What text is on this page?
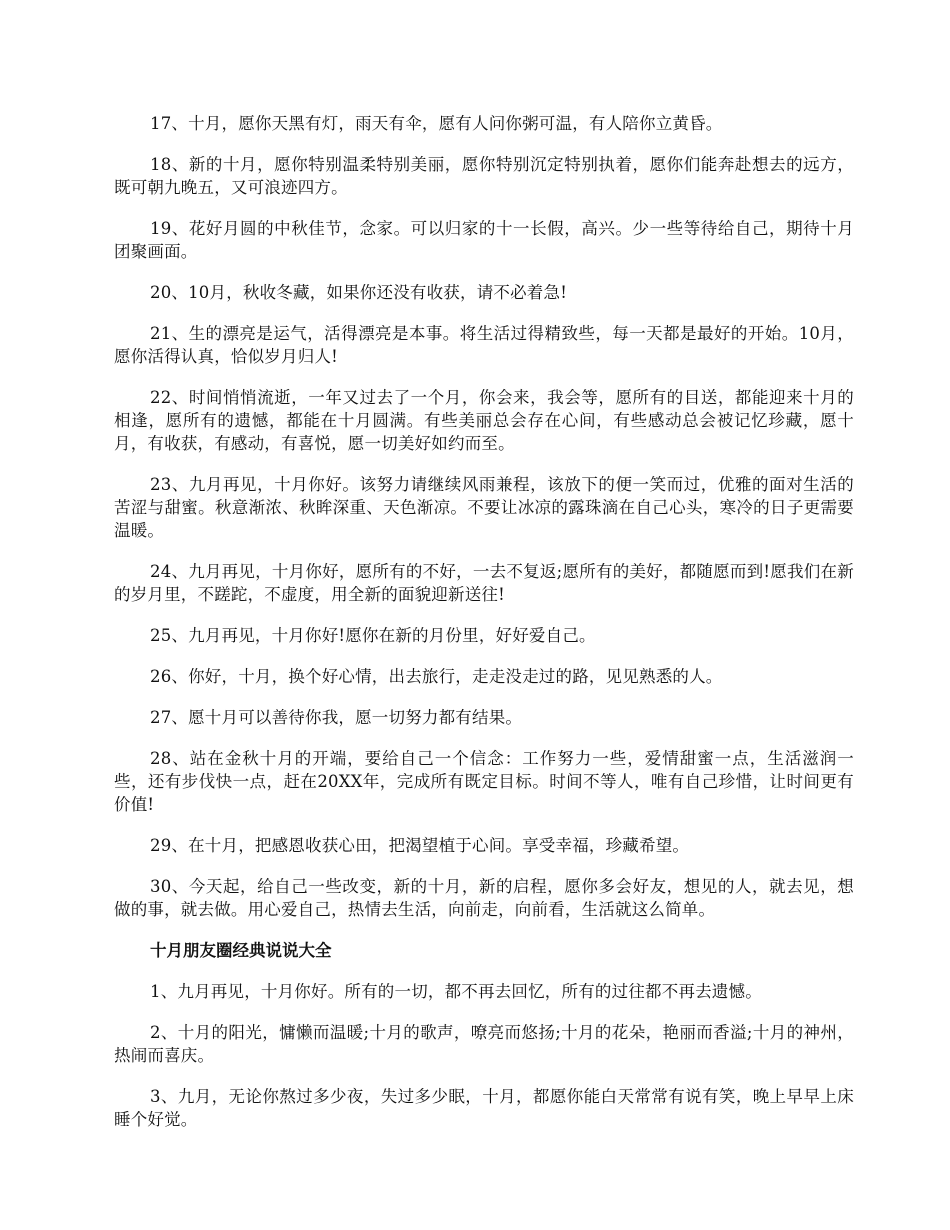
17、十月，愿你天黑有灯，雨天有伞，愿有人问你粥可温，有人陪你立黄昏。

18、新的十月，愿你特别温柔特别美丽，愿你特别沉定特别执着，愿你们能奔赴想去的远方，既可朝九晚五，又可浪迹四方。

19、花好月圆的中秋佳节，念家。可以归家的十一长假，高兴。少一些等待给自己，期待十月团聚画面。

20、10月，秋收冬藏，如果你还没有收获，请不必着急!

21、生的漂亮是运气，活得漂亮是本事。将生活过得精致些，每一天都是最好的开始。10月，愿你活得认真，恰似岁月归人!

22、时间悄悄流逝，一年又过去了一个月，你会来，我会等，愿所有的目送，都能迎来十月的相逢，愿所有的遗憾，都能在十月圆满。有些美丽总会存在心间，有些感动总会被记忆珍藏，愿十月，有收获，有感动，有喜悦，愿一切美好如约而至。

23、九月再见，十月你好。该努力请继续风雨兼程，该放下的便一笑而过，优雅的面对生活的苦涩与甜蜜。秋意渐浓、秋眸深重、天色渐凉。不要让冰凉的露珠滴在自己心头，寒冷的日子更需要温暖。

24、九月再见，十月你好，愿所有的不好，一去不复返;愿所有的美好，都随愿而到!愿我们在新的岁月里，不蹉跎，不虚度，用全新的面貌迎新送往!

25、九月再见，十月你好!愿你在新的月份里，好好爱自己。

26、你好，十月，换个好心情，出去旅行，走走没走过的路，见见熟悉的人。

27、愿十月可以善待你我，愿一切努力都有结果。

28、站在金秋十月的开端，要给自己一个信念：工作努力一些，爱情甜蜜一点，生活滋润一些，还有步伐快一点，赶在20XX年，完成所有既定目标。时间不等人，唯有自己珍惜，让时间更有价值!

29、在十月，把感恩收获心田，把渴望植于心间。享受幸福，珍藏希望。

30、今天起，给自己一些改变，新的十月，新的启程，愿你多会好友，想见的人，就去见，想做的事，就去做。用心爱自己，热情去生活，向前走，向前看，生活就这么简单。

十月朋友圈经典说说大全

1、九月再见，十月你好。所有的一切，都不再去回忆，所有的过往都不再去遗憾。

2、十月的阳光，慵懒而温暖;十月的歌声，嘹亮而悠扬;十月的花朵，艳丽而香溢;十月的神州，热闹而喜庆。

3、九月，无论你熬过多少夜，失过多少眠，十月，都愿你能白天常常有说有笑，晚上早早上床睡个好觉。
